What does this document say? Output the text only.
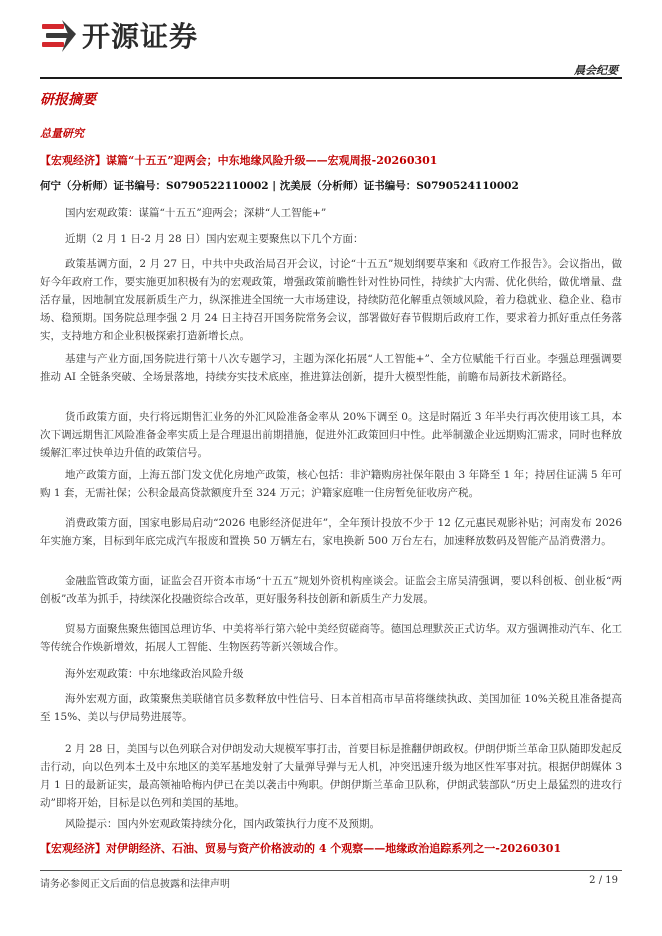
开源证券
晨会纪要
研报摘要
总量研究
【宏观经济】谋篇“十五五”迎两会；中东地缘风险升级——宏观周报-20260301
何宁（分析师）证书编号：S0790522110002 | 沈美辰（分析师）证书编号：S0790524110002

国内宏观政策：谋篇“十五五”迎两会；深耕“人工智能+”

近期（2 月 1 日-2 月 28 日）国内宏观主要聚焦以下几个方面：

政策基调方面，2 月 27 日，中共中央政治局召开会议，讨论“十五五”规划纲要草案和《政府工作报告》。会议指出，做好今年政府工作，要实施更加积极有为的宏观政策，增强政策前瞻性针对性协同性，持续扩大内需、优化供给，做优增量、盘活存量，因地制宜发展新质生产力，纵深推进全国统一大市场建设，持续防范化解重点领域风险，着力稳就业、稳企业、稳市场、稳预期。国务院总理李强 2 月 24 日主持召开国务院常务会议，部署做好春节假期后政府工作，要求着力抓好重点任务落实，支持地方和企业积极探索打造新增长点。

基建与产业方面,国务院进行第十八次专题学习，主题为深化拓展“人工智能+”、全方位赋能千行百业。李强总理强调要推动 AI 全链条突破、全场景落地，持续夯实技术底座，推进算法创新，提升大模型性能，前瞻布局新技术新路径。

货币政策方面，央行将远期售汇业务的外汇风险准备金率从 20%下调至 0。这是时隔近 3 年半央行再次使用该工具，本次下调远期售汇风险准备金率实质上是合理退出前期措施，促进外汇政策回归中性。此举制激企业远期购汇需求，同时也释放缓解汇率过快单边升值的政策信号。

地产政策方面，上海五部门发文优化房地产政策，核心包括：非沪籍购房社保年限由 3 年降至 1 年；持居住证满 5 年可购 1 套，无需社保；公积金最高贷款额度升至 324 万元；沪籍家庭唯一住房暂免征收房产税。

消费政策方面，国家电影局启动“2026 电影经济促进年”，全年预计投放不少于 12 亿元惠民观影补贴；河南发布 2026 年实施方案，目标到年底完成汽车报废和置换 50 万辆左右，家电换新 500 万台左右，加速释放数码及智能产品消费潜力。

金融监管政策方面，证监会召开资本市场“十五五”规划外资机构座谈会。证监会主席吴清强调，要以科创板、创业板“两创板”改革为抓手，持续深化投融资综合改革，更好服务科技创新和新质生产力发展。

贸易方面聚焦聚焦德国总理访华、中美将举行第六轮中美经贸磋商等。德国总理默茨正式访华。双方强调推动汽车、化工等传统合作焕新增效，拓展人工智能、生物医药等新兴领域合作。

海外宏观政策：中东地缘政治风险升级

海外宏观方面，政策聚焦美联储官员多数释放中性信号、日本首相高市早苗将继续执政、美国加征 10%关税且准备提高至 15%、美以与伊局势进展等。

2 月 28 日，美国与以色列联合对伊朗发动大规模军事打击，首要目标是推翻伊朗政权。伊朗伊斯兰革命卫队随即发起反击行动，向以色列本土及中东地区的美军基地发射了大量弹导弹与无人机，冲突迅速升级为地区性军事对抗。根据伊朗媒体 3 月 1 日的最新证实，最高领袖哈梅内伊已在美以袭击中殉职。伊朗伊斯兰革命卫队称，伊朗武装部队“历史上最猛烈的进攻行动”即将开始，目标是以色列和美国的基地。

风险提示：国内外宏观政策持续分化，国内政策执行力度不及预期。

【宏观经济】对伊朗经济、石油、贸易与资产价格波动的 4 个观察——地缘政治追踪系列之一-20260301
请务必参阅正文后面的信息披露和法律声明	2 / 19
